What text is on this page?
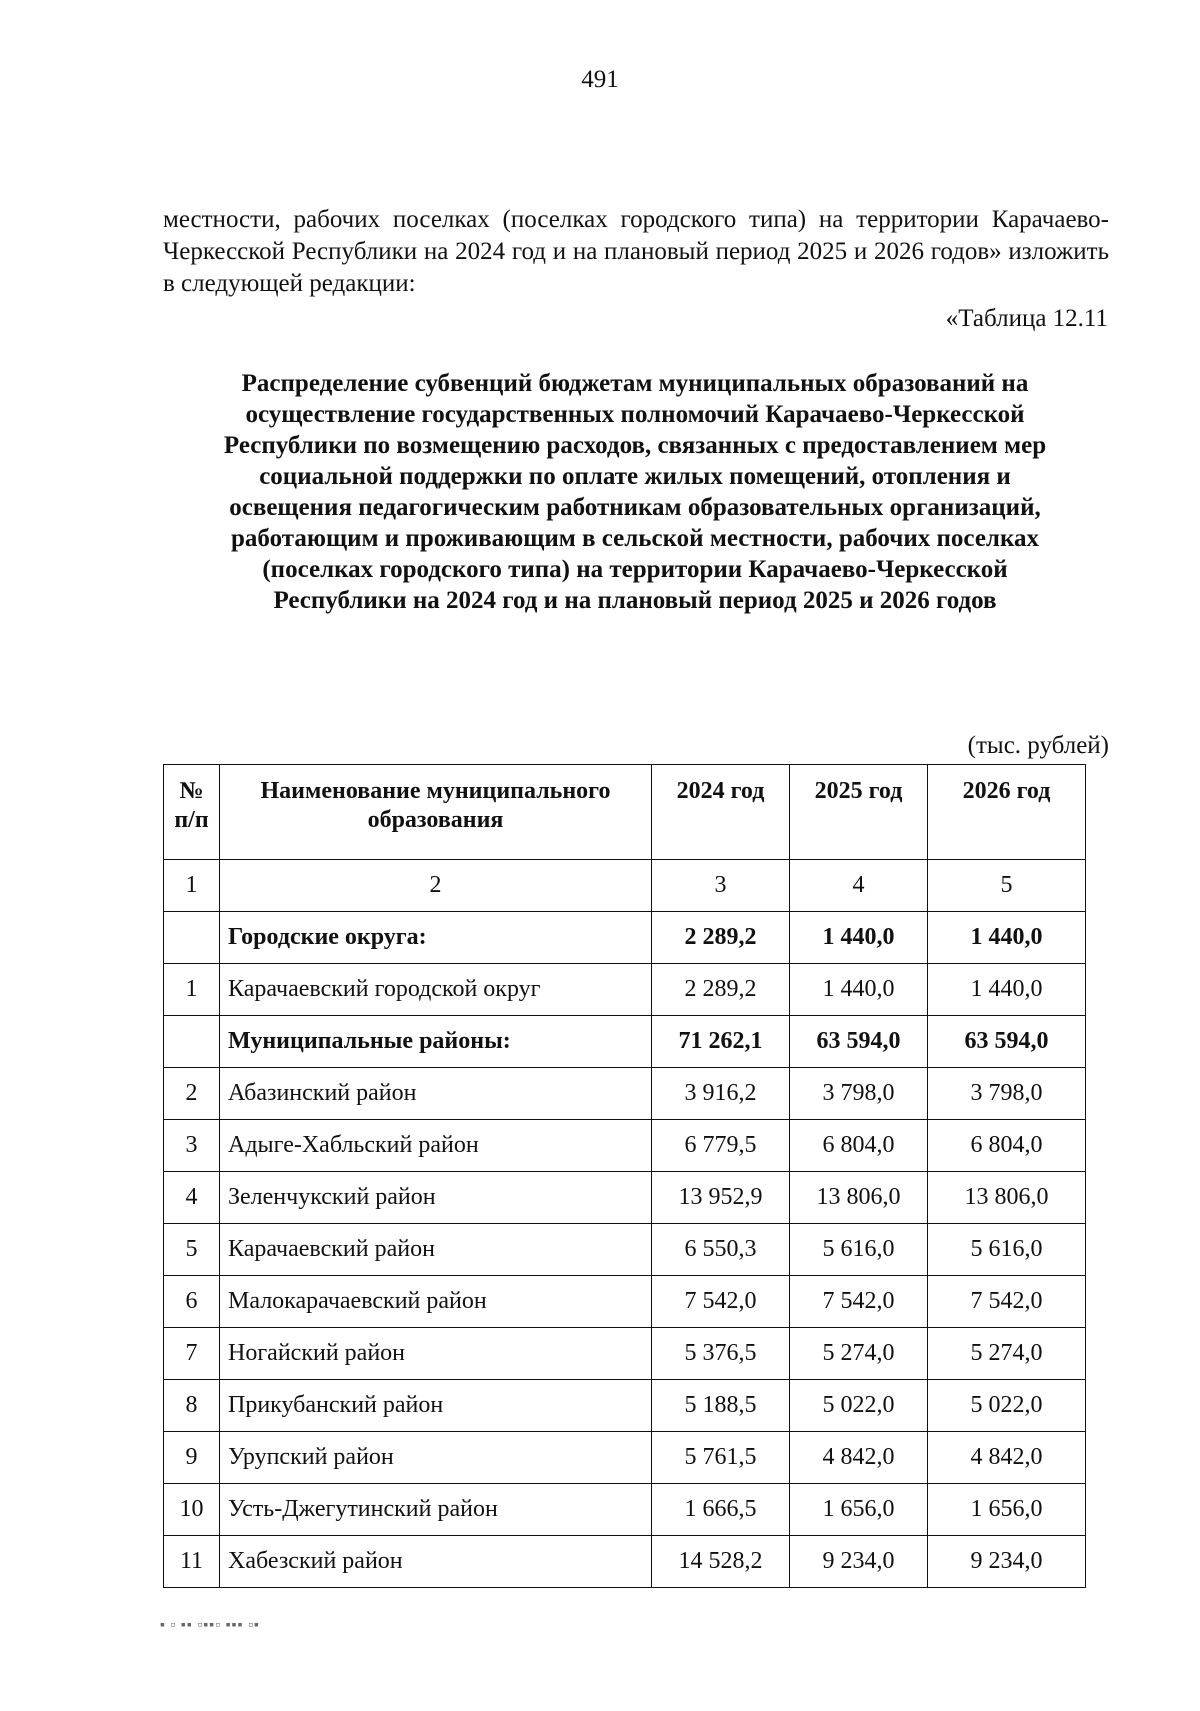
491
местности, рабочих поселках (поселках городского типа) на территории Карачаево-Черкесской Республики на 2024 год и на плановый период 2025 и 2026 годов» изложить в следующей редакции:
«Таблица 12.11
Распределение субвенций бюджетам муниципальных образований на осуществление государственных полномочий Карачаево-Черкесской Республики по возмещению расходов, связанных с предоставлением мер социальной поддержки по оплате жилых помещений, отопления и освещения педагогическим работникам образовательных организаций, работающим и проживающим в сельской местности, рабочих поселках (поселках городского типа) на территории Карачаево-Черкесской Республики на 2024 год и на плановый период 2025 и 2026 годов
(тыс. рублей)
№ п/п	Наименование муниципального образования	2024 год	2025 год	2026 год
1	2	3	4	5
	Городские округа:	2 289,2	1 440,0	1 440,0
1	Карачаевский городской округ	2 289,2	1 440,0	1 440,0
	Муниципальные районы:	71 262,1	63 594,0	63 594,0
2	Абазинский район	3 916,2	3 798,0	3 798,0
3	Адыге-Хабльский район	6 779,5	6 804,0	6 804,0
4	Зеленчукский район	13 952,9	13 806,0	13 806,0
5	Карачаевский район	6 550,3	5 616,0	5 616,0
6	Малокарачаевский район	7 542,0	7 542,0	7 542,0
7	Ногайский район	5 376,5	5 274,0	5 274,0
8	Прикубанский район	5 188,5	5 022,0	5 022,0
9	Урупский район	5 761,5	4 842,0	4 842,0
10	Усть-Джегутинский район	1 666,5	1 656,0	1 656,0
11	Хабезский район	14 528,2	9 234,0	9 234,0
▪ ▫ ▪▪ ▫▪▪▫ ▪▪▪ ▫▪
